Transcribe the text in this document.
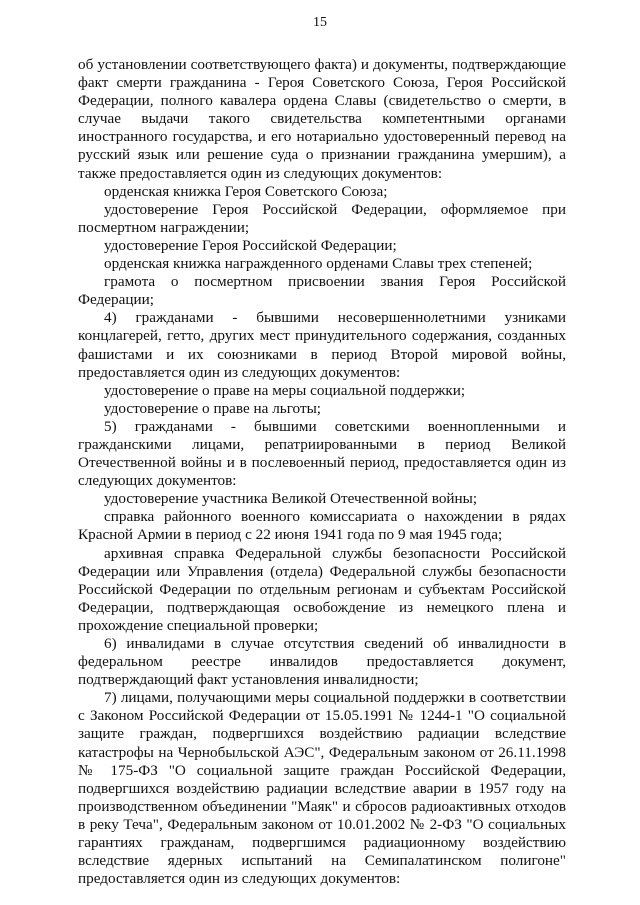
15

об установлении соответствующего факта) и документы, подтверждающие факт смерти гражданина - Героя Советского Союза, Героя Российской Федерации, полного кавалера ордена Славы (свидетельство о смерти, в случае выдачи такого свидетельства компетентными органами иностранного государства, и его нотариально удостоверенный перевод на русский язык или решение суда о признании гражданина умершим), а также предоставляется один из следующих документов:

орденская книжка Героя Советского Союза;

удостоверение Героя Российской Федерации, оформляемое при посмертном награждении;

удостоверение Героя Российской Федерации;

орденская книжка награжденного орденами Славы трех степеней;

грамота о посмертном присвоении звания Героя Российской Федерации;

4) гражданами - бывшими несовершеннолетними узниками концлагерей, гетто, других мест принудительного содержания, созданных фашистами и их союзниками в период Второй мировой войны, предоставляется один из следующих документов:

удостоверение о праве на меры социальной поддержки;

удостоверение о праве на льготы;

5) гражданами - бывшими советскими военнопленными и гражданскими лицами, репатриированными в период Великой Отечественной войны и в послевоенный период, предоставляется один из следующих документов:

удостоверение участника Великой Отечественной войны;

справка районного военного комиссариата о нахождении в рядах Красной Армии в период с 22 июня 1941 года по 9 мая 1945 года;

архивная справка Федеральной службы безопасности Российской Федерации или Управления (отдела) Федеральной службы безопасности Российской Федерации по отдельным регионам и субъектам Российской Федерации, подтверждающая освобождение из немецкого плена и прохождение специальной проверки;

6) инвалидами в случае отсутствия сведений об инвалидности в федеральном реестре инвалидов предоставляется документ, подтверждающий факт установления инвалидности;

7) лицами, получающими меры социальной поддержки в соответствии с Законом Российской Федерации от 15.05.1991 № 1244-1 "О социальной защите граждан, подвергшихся воздействию радиации вследствие катастрофы на Чернобыльской АЭС", Федеральным законом от 26.11.1998 № 175-ФЗ "О социальной защите граждан Российской Федерации, подвергшихся воздействию радиации вследствие аварии в 1957 году на производственном объединении "Маяк" и сбросов радиоактивных отходов в реку Теча", Федеральным законом от 10.01.2002 № 2-ФЗ "О социальных гарантиях гражданам, подвергшимся радиационному воздействию вследствие ядерных испытаний на Семипалатинском полигоне" предоставляется один из следующих документов:
